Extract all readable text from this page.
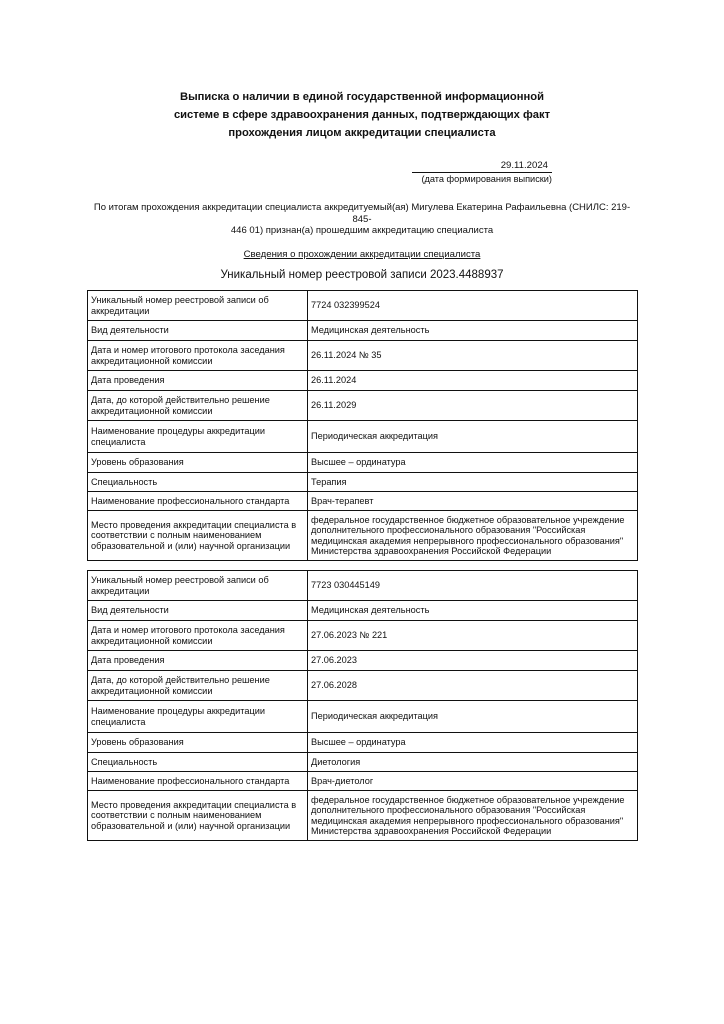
Выписка о наличии в единой государственной информационной
системе в сфере здравоохранения данных, подтверждающих факт
прохождения лицом аккредитации специалиста
29.11.2024
(дата формирования выписки)
По итогам прохождения аккредитации специалиста аккредитуемый(ая) Мигулева Екатерина Рафаильевна (СНИЛС: 219-845-
446 01) признан(а) прошедшим аккредитацию специалиста
Сведения о прохождении аккредитации специалиста
Уникальный номер реестровой записи 2023.4488937
Уникальный номер реестровой записи об аккредитации	7724 032399524
Вид деятельности	Медицинская деятельность
Дата и номер итогового протокола заседания аккредитационной комиссии	26.11.2024 № 35
Дата проведения	26.11.2024
Дата, до которой действительно решение аккредитационной комиссии	26.11.2029
Наименование процедуры аккредитации специалиста	Периодическая аккредитация
Уровень образования	Высшее – ординатура
Специальность	Терапия
Наименование профессионального стандарта	Врач-терапевт
Место проведения аккредитации специалиста в соответствии с полным наименованием образовательной и (или) научной организации	федеральное государственное бюджетное образовательное учреждение дополнительного профессионального образования "Российская медицинская академия непрерывного профессионального образования" Министерства здравоохранения Российской Федерации
Уникальный номер реестровой записи об аккредитации	7723 030445149
Вид деятельности	Медицинская деятельность
Дата и номер итогового протокола заседания аккредитационной комиссии	27.06.2023 № 221
Дата проведения	27.06.2023
Дата, до которой действительно решение аккредитационной комиссии	27.06.2028
Наименование процедуры аккредитации специалиста	Периодическая аккредитация
Уровень образования	Высшее – ординатура
Специальность	Диетология
Наименование профессионального стандарта	Врач-диетолог
Место проведения аккредитации специалиста в соответствии с полным наименованием образовательной и (или) научной организации	федеральное государственное бюджетное образовательное учреждение дополнительного профессионального образования "Российская медицинская академия непрерывного профессионального образования" Министерства здравоохранения Российской Федерации
